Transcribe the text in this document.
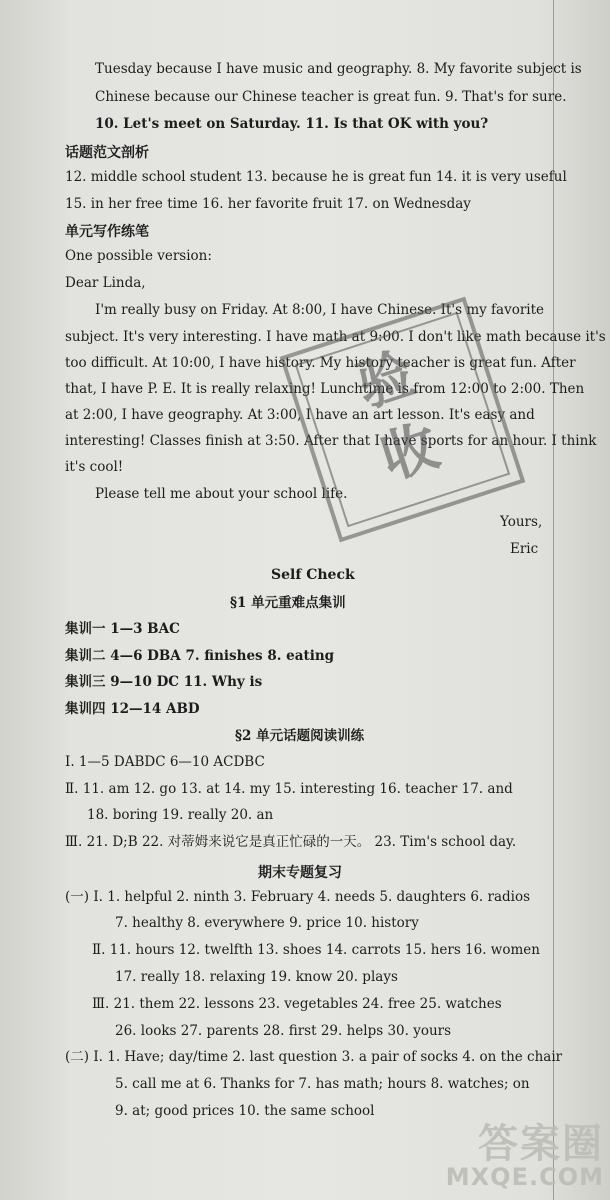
Tuesday because I have music and geography. 8. My favorite subject is
Chinese because our Chinese teacher is great fun. 9. That's for sure.
10. Let's meet on Saturday. 11. Is that OK with you?
话题范文剖析
12. middle school student 13. because he is great fun 14. it is very useful
15. in her free time 16. her favorite fruit 17. on Wednesday
单元写作练笔
One possible version:
Dear Linda,
I'm really busy on Friday. At 8:00, I have Chinese. It's my favorite
subject. It's very interesting. I have math at 9:00. I don't like math because it's
too difficult. At 10:00, I have history. My history teacher is great fun. After
that, I have P. E. It is really relaxing! Lunchtime is from 12:00 to 2:00. Then
at 2:00, I have geography. At 3:00, I have an art lesson. It's easy and
interesting! Classes finish at 3:50. After that I have sports for an hour. I think
it's cool!
Please tell me about your school life.
Yours,
Eric
Self Check
§1 单元重难点集训
集训一 1—3 BAC
集训二 4—6 DBA 7. finishes 8. eating
集训三 9—10 DC 11. Why is
集训四 12—14 ABD
§2 单元话题阅读训练
Ⅰ. 1—5 DABDC 6—10 ACDBC
Ⅱ. 11. am 12. go 13. at 14. my 15. interesting 16. teacher 17. and
18. boring 19. really 20. an
Ⅲ. 21. D;B 22. 对蒂姆来说它是真正忙碌的一天。 23. Tim's school day.
期末专题复习
(一) Ⅰ. 1. helpful 2. ninth 3. February 4. needs 5. daughters 6. radios
7. healthy 8. everywhere 9. price 10. history
Ⅱ. 11. hours 12. twelfth 13. shoes 14. carrots 15. hers 16. women
17. really 18. relaxing 19. know 20. plays
Ⅲ. 21. them 22. lessons 23. vegetables 24. free 25. watches
26. looks 27. parents 28. first 29. helps 30. yours
(二) Ⅰ. 1. Have; day/time 2. last question 3. a pair of socks 4. on the chair
5. call me at 6. Thanks for 7. has math; hours 8. watches; on
9. at; good prices 10. the same school
验
收
答案圈
MXQE.COM
